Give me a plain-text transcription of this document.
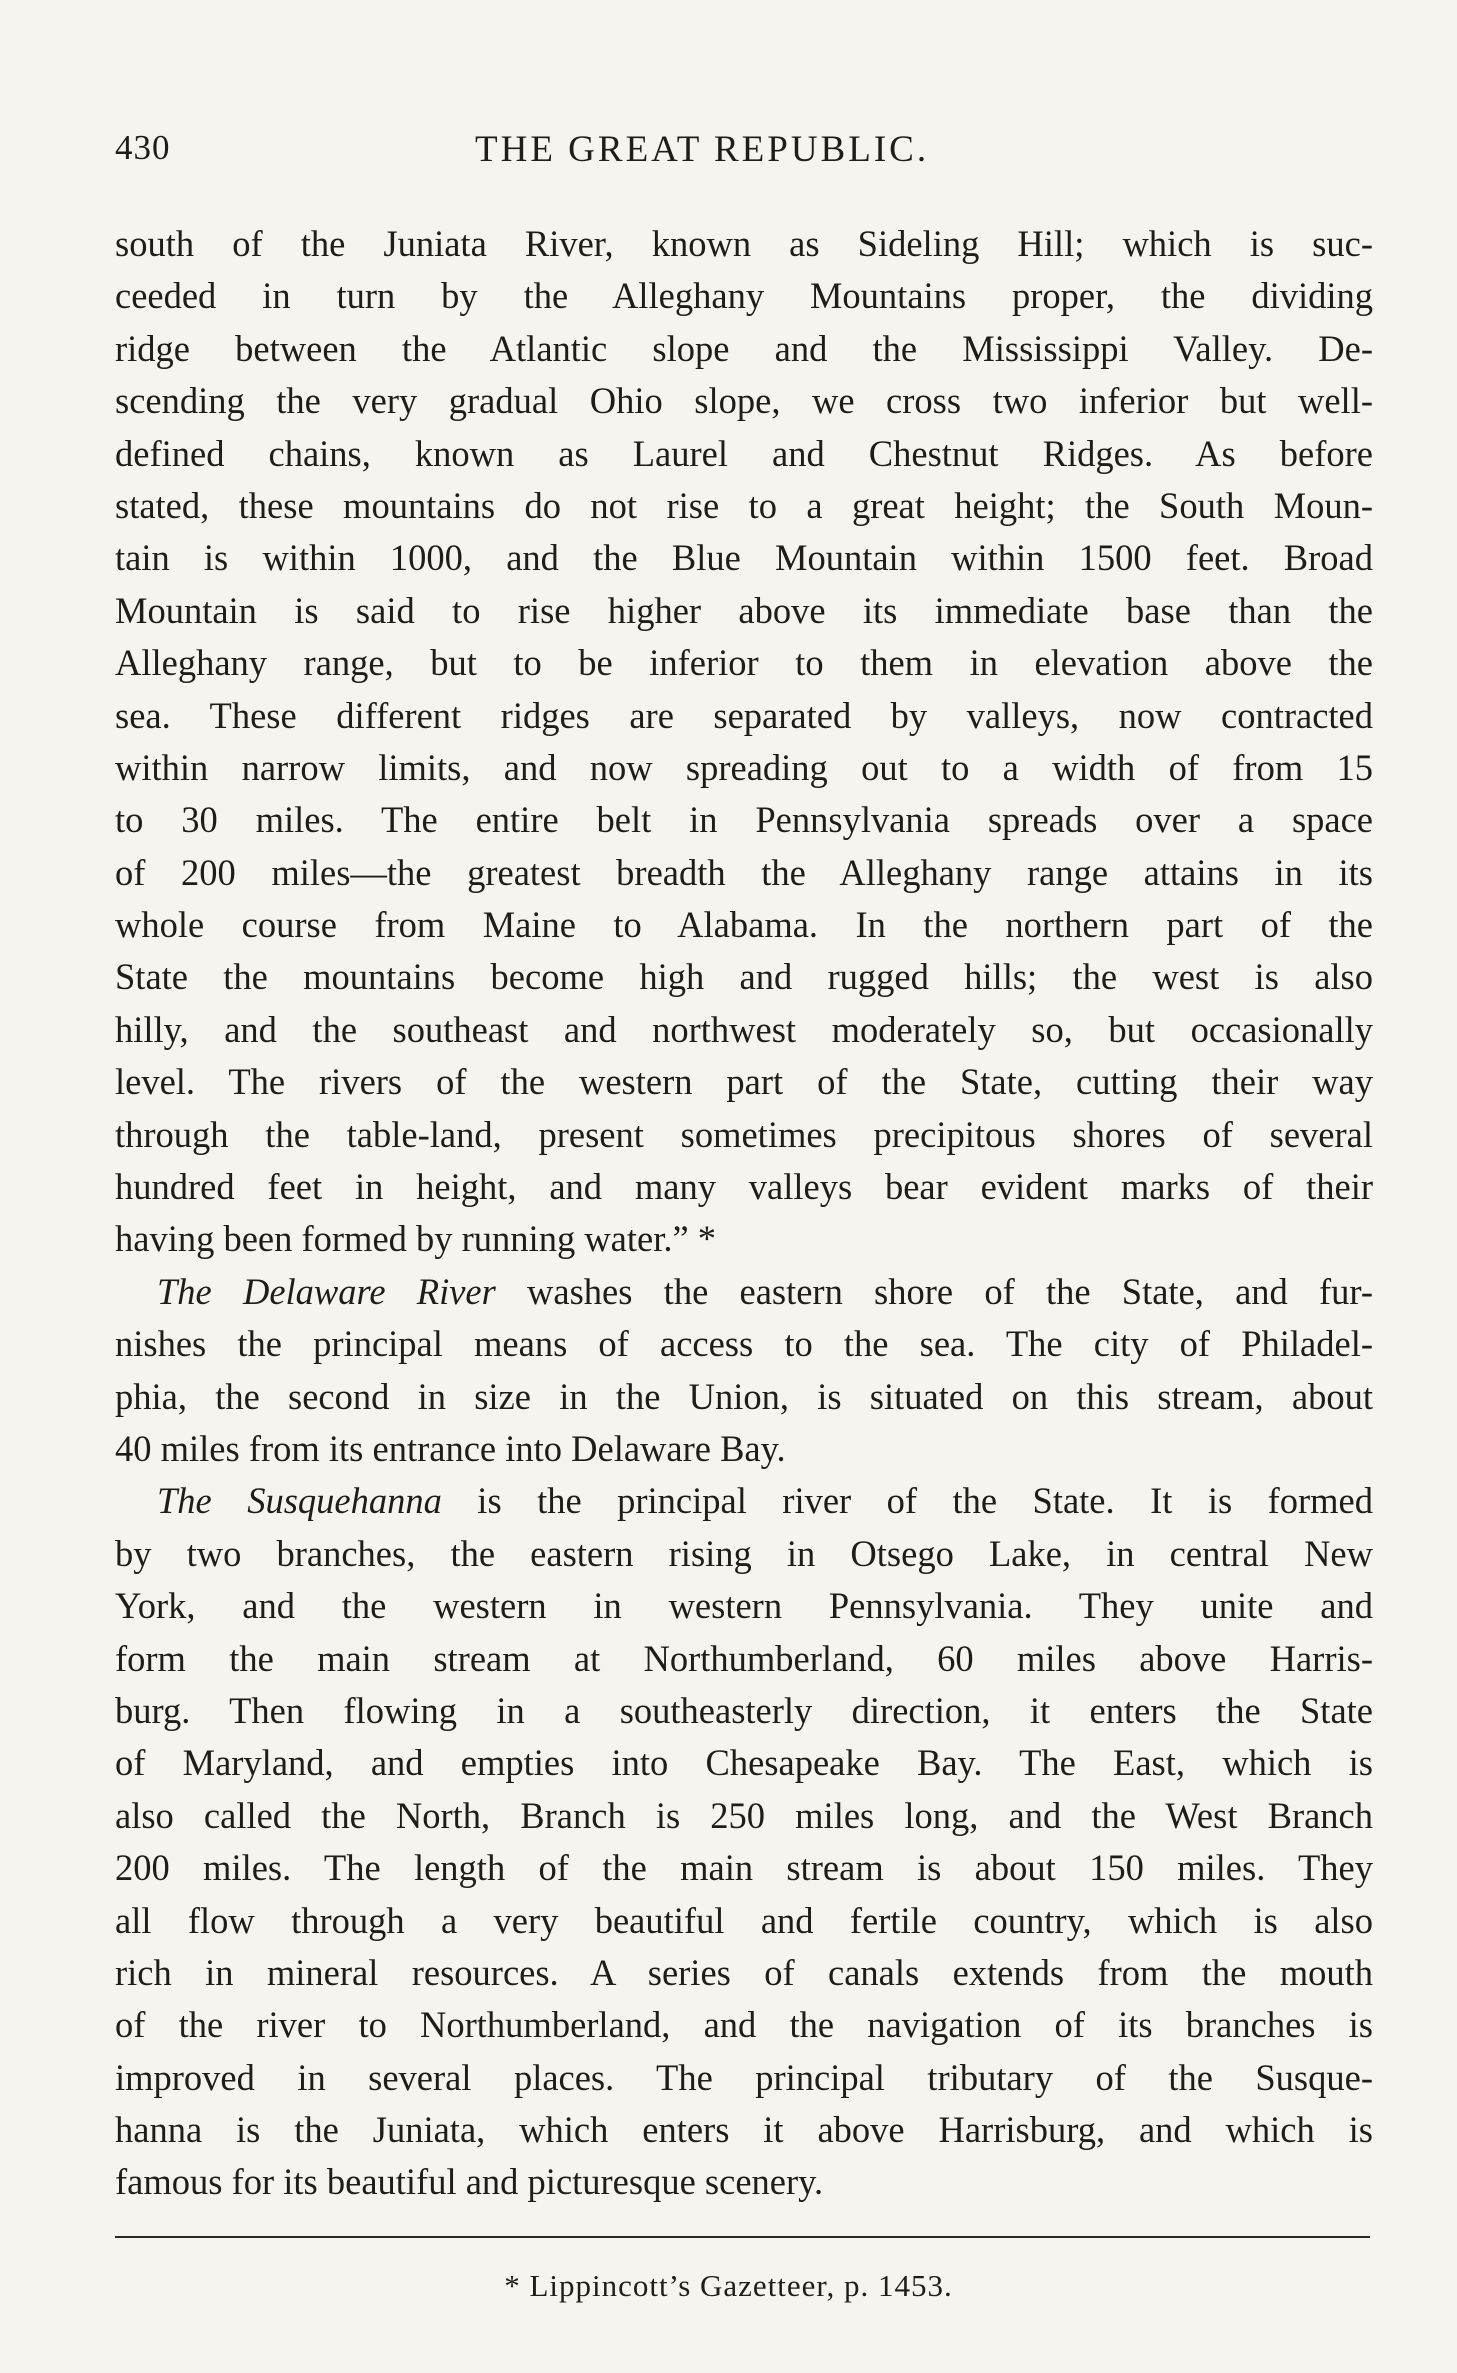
430	THE GREAT REPUBLIC.
south of the Juniata River, known as Sideling Hill; which is suc-
ceeded in turn by the Alleghany Mountains proper, the dividing
ridge between the Atlantic slope and the Mississippi Valley. De-
scending the very gradual Ohio slope, we cross two inferior but well-
defined chains, known as Laurel and Chestnut Ridges. As before
stated, these mountains do not rise to a great height; the South Moun-
tain is within 1000, and the Blue Mountain within 1500 feet. Broad
Mountain is said to rise higher above its immediate base than the
Alleghany range, but to be inferior to them in elevation above the
sea. These different ridges are separated by valleys, now contracted
within narrow limits, and now spreading out to a width of from 15
to 30 miles. The entire belt in Pennsylvania spreads over a space
of 200 miles—the greatest breadth the Alleghany range attains in its
whole course from Maine to Alabama. In the northern part of the
State the mountains become high and rugged hills; the west is also
hilly, and the southeast and northwest moderately so, but occasionally
level. The rivers of the western part of the State, cutting their way
through the table-land, present sometimes precipitous shores of several
hundred feet in height, and many valleys bear evident marks of their
having been formed by running water.” *
The Delaware River washes the eastern shore of the State, and fur-
nishes the principal means of access to the sea. The city of Philadel-
phia, the second in size in the Union, is situated on this stream, about
40 miles from its entrance into Delaware Bay.
The Susquehanna is the principal river of the State. It is formed
by two branches, the eastern rising in Otsego Lake, in central New
York, and the western in western Pennsylvania. They unite and
form the main stream at Northumberland, 60 miles above Harris-
burg. Then flowing in a southeasterly direction, it enters the State
of Maryland, and empties into Chesapeake Bay. The East, which is
also called the North, Branch is 250 miles long, and the West Branch
200 miles. The length of the main stream is about 150 miles. They
all flow through a very beautiful and fertile country, which is also
rich in mineral resources. A series of canals extends from the mouth
of the river to Northumberland, and the navigation of its branches is
improved in several places. The principal tributary of the Susque-
hanna is the Juniata, which enters it above Harrisburg, and which is
famous for its beautiful and picturesque scenery.
* Lippincott’s Gazetteer, p. 1453.
